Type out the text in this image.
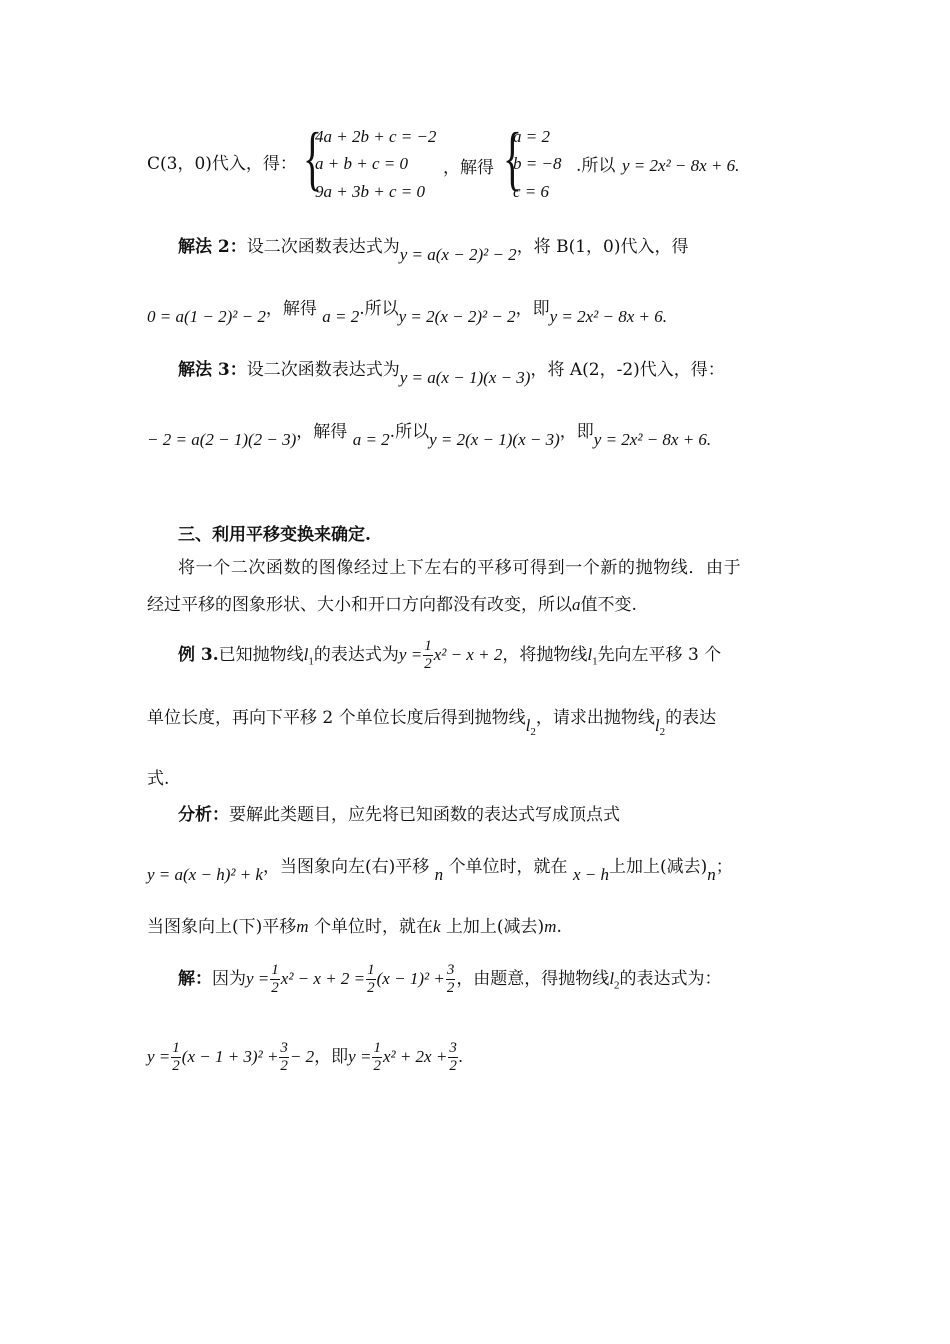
C(3，0)代入，得： {
4a + 2b + c = −2
a + b + c = 0
9a + 3b + c = 0
，解得 {
a = 2
b = −8
c = 6
.所以 y = 2x² − 8x + 6.
解法 2：设二次函数表达式为y = a(x − 2)² − 2，将 B(1，0)代入，得
0 = a(1 − 2)² − 2，解得 a = 2.所以y = 2(x − 2)² − 2，即y = 2x² − 8x + 6.
解法 3：设二次函数表达式为y = a(x − 1)(x − 3)，将 A(2，-2)代入，得：
− 2 = a(2 − 1)(2 − 3)，解得 a = 2.所以y = 2(x − 1)(x − 3)，即y = 2x² − 8x + 6.
三、利用平移变换来确定.
将一个二次函数的图像经过上下左右的平移可得到一个新的抛物线．由于
经过平移的图象形状、大小和开口方向都没有改变，所以a值不变.
例 3.已知抛物线$l_1$的表达式为$y = \frac{1}{2} x^2 - x + 2$，将抛物线$l_1$先向左平移 3 个
单位长度，再向下平移 2 个单位长度后得到抛物线$l_2$，请求出抛物线$l_2$的表达
式.
分析：要解此类题目，应先将已知函数的表达式写成顶点式
y = a(x − h)² + k，当图象向左(右)平移 n 个单位时，就在 x − h上加上(减去)n；
当图象向上(下)平移m 个单位时，就在k 上加上(减去)m.
解：因为$y = \frac{1}{2} x^2 - x + 2 = \frac{1}{2} (x - 1)^2 + \frac{3}{2}$ ，由题意，得抛物线$l_2$的表达式为：
$y = \frac{1}{2} (x - 1 + 3)^2 + \frac{3}{2} - 2$，即$y = \frac{1}{2} x^2 + 2x + \frac{3}{2}$ .
